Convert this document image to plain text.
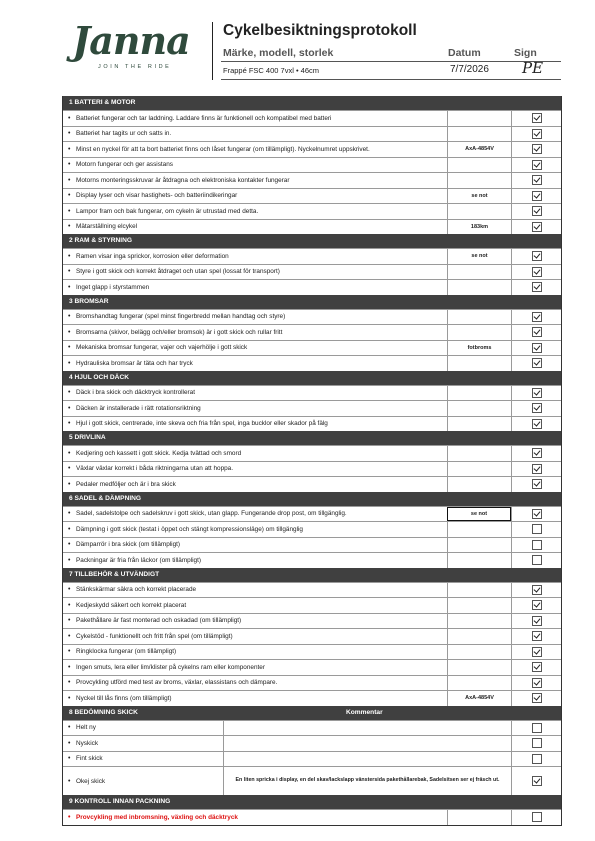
Janna
JOIN THE RIDE
Cykelbesiktningsprotokoll
Märke, modell, storlek	Datum	Sign
Frappé FSC 400 7vxl • 46cm	7/7/2026 PE
1 BATTERI & MOTOR
• Batteriet fungerar och tar laddning. Laddare finns är funktionell och kompatibel med batteri
• Batteriet har tagits ur och satts in.
• Minst en nyckel för att ta bort batteriet finns och låset fungerar (om tillämpligt). Nyckelnumret uppskrivet.	AxA-4854V
• Motorn fungerar och ger assistans
• Motorns monteringsskruvar är åtdragna och elektroniska kontakter fungerar
• Display lyser och visar hastighets- och batteriindikeringar	se not
• Lampor fram och bak fungerar, om cykeln är utrustad med detta.
• Mätarställning elcykel	183km
2 RAM & STYRNING
• Ramen visar inga sprickor, korrosion eller deformation	se not
• Styre i gott skick och korrekt åtdraget och utan spel (lossat för transport)
• Inget glapp i styrstammen
3 BROMSAR
• Bromshandtag fungerar (spel minst fingerbredd mellan handtag och styre)
• Bromsarna (skivor, belägg och/eller bromsok) är i gott skick och rullar fritt
• Mekaniska bromsar fungerar, vajer och vajerhölje i gott skick	fotbroms
• Hydrauliska bromsar är täta och har tryck
4 HJUL OCH DÄCK
• Däck i bra skick och däcktryck kontrollerat
• Däcken är installerade i rätt rotationsriktning
• Hjul i gott skick, centrerade, inte skeva och fria från spel, inga bucklor eller skador på fälg
5 DRIVLINA
• Kedjering och kassett i gott skick. Kedja tvättad och smord
• Växlar växlar korrekt i båda riktningarna utan att hoppa.
• Pedaler medföljer och är i bra skick
6 SADEL & DÄMPNING
• Sadel, sadelstolpe och sadelskruv i gott skick, utan glapp. Fungerande drop post, om tillgänglig.	se not
• Dämpning i gott skick (testat i öppet och stängt kompressionsläge) om tillgänglig
• Dämparrör i bra skick (om tillämpligt)
• Packningar är fria från läckor (om tillämpligt)
7 TILLBEHÖR & UTVÄNDIGT
• Stänkskärmar säkra och korrekt placerade
• Kedjeskydd säkert och korrekt placerat
• Pakethållare är fast monterad och oskadad (om tillämpligt)
• Cykelstöd - funktionellt och fritt från spel (om tillämpligt)
• Ringklocka fungerar (om tillämpligt)
• Ingen smuts, lera eller lim/klister på cykelns ram eller komponenter
• Provcykling utförd med test av broms, växlar, elassistans och dämpare.
• Nyckel till lås finns (om tillämpligt)	AxA-4854V
8 BEDÖMNING SKICK	Kommentar
• Helt ny
• Nyskick
• Fint skick
• Okej skick	En liten spricka i display, en del skav/lackslapp vänstersida pakethållarebak, Sadelsitsen ser ej fräsch ut.
9 KONTROLL INNAN PACKNING
• Provcykling med inbromsning, växling och däcktryck
